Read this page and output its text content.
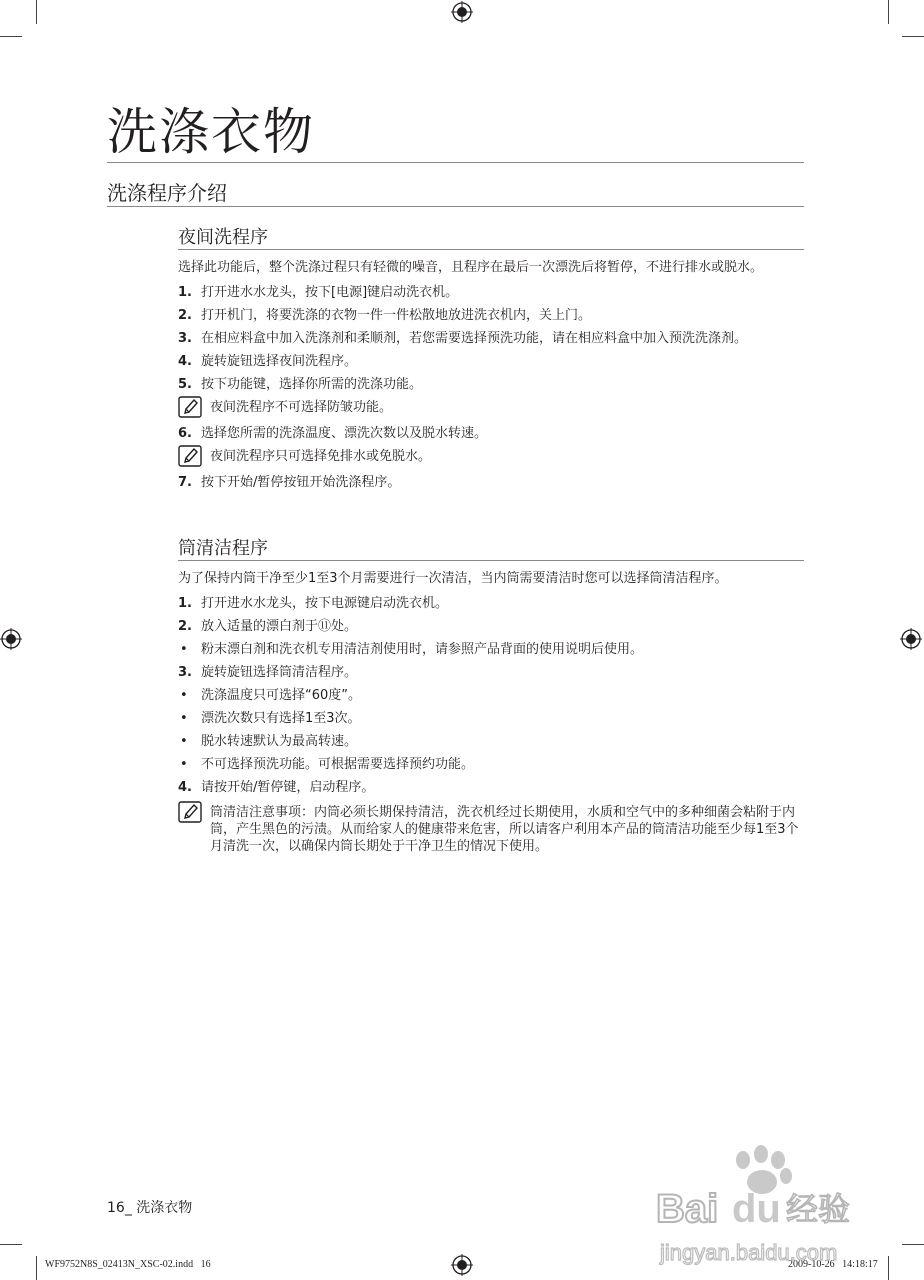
洗涤衣物
洗涤程序介绍
夜间洗程序

选择此功能后，整个洗涤过程只有轻微的噪音，且程序在最后一次漂洗后将暂停，不进行排水或脱水。

1. 打开进水水龙头，按下[电源]键启动洗衣机。
2. 打开机门，将要洗涤的衣物一件一件松散地放进洗衣机内，关上门。
3. 在相应料盒中加入洗涤剂和柔顺剂，若您需要选择预洗功能，请在相应料盒中加入预洗洗涤剂。
4. 旋转旋钮选择夜间洗程序。
5. 按下功能键，选择你所需的洗涤功能。
夜间洗程序不可选择防皱功能。
6. 选择您所需的洗涤温度、漂洗次数以及脱水转速。
夜间洗程序只可选择免排水或免脱水。
7. 按下开始/暂停按钮开始洗涤程序。
筒清洁程序

为了保持内筒干净至少1至3个月需要进行一次清洁，当内筒需要清洁时您可以选择筒清洁程序。

1. 打开进水水龙头，按下电源键启动洗衣机。
2. 放入适量的漂白剂于⑪处。
• 粉末漂白剂和洗衣机专用清洁剂使用时，请参照产品背面的使用说明后使用。
3. 旋转旋钮选择筒清洁程序。
• 洗涤温度只可选择“60度”。
• 漂洗次数只有选择1至3次。
• 脱水转速默认为最高转速。
• 不可选择预洗功能。可根据需要选择预约功能。
4. 请按开始/暂停键，启动程序。
筒清洁注意事项：内筒必须长期保持清洁，洗衣机经过长期使用，水质和空气中的多种细菌会粘附于内筒，产生黑色的污渍。从而给家人的健康带来危害，所以请客户利用本产品的筒清洁功能至少每1至3个月清洗一次，以确保内筒长期处于干净卫生的情况下使用。
16_ 洗涤衣物
WF9752N8S_02413N_XSC-02.indd   16	2009-10-26   14:18:17
Bai du 经验
jingyan.baidu.com
